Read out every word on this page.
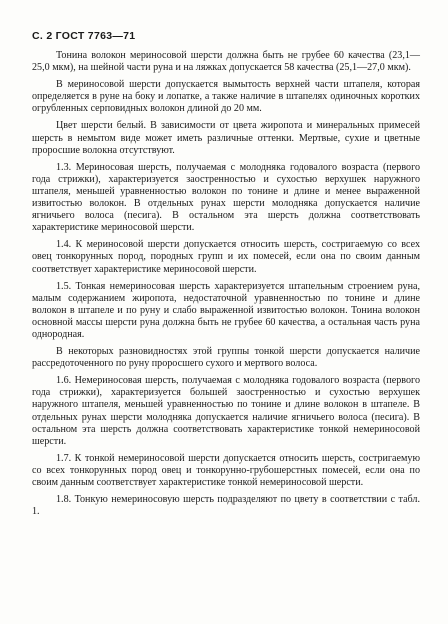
С. 2 ГОСТ 7763—71

Тонина волокон мериносовой шерсти должна быть не грубее 60 качества (23,1—25,0 мкм), на шейной части руна и на ляжках допускается 58 качества (25,1—27,0 мкм).

В мериносовой шерсти допускается вымытость верхней части штапеля, которая определяется в руне на боку и лопатке, а также наличие в штапелях одиночных коротких огрубленных серповидных волокон длиной до 20 мм.

Цвет шерсти белый. В зависимости от цвета жиропота и минеральных примесей шерсть в немытом виде может иметь различные оттенки. Мертвые, сухие и цветные проросшие волокна отсутствуют.

1.3. Мериносовая шерсть, получаемая с молодняка годовалого возраста (первого года стрижки), характеризуется заостренностью и сухостью верхушек наружного штапеля, меньшей уравненностью волокон по тонине и длине и менее выраженной извитостью волокон. В отдельных рунах шерсти молодняка допускается наличие ягничьего волоса (песига). В остальном эта шерсть должна соответствовать характеристике мериносовой шерсти.

1.4. К мериносовой шерсти допускается относить шерсть, состригаемую со всех овец тонкорунных пород, породных групп и их помесей, если она по своим данным соответствует характеристике мериносовой шерсти.

1.5. Тонкая немериносовая шерсть характеризуется штапельным строением руна, малым содержанием жиропота, недостаточной уравненностью по тонине и длине волокон в штапеле и по руну и слабо выраженной извитостью волокон. Тонина волокон основной массы шерсти руна должна быть не грубее 60 качества, а остальная часть руна однородная.

В некоторых разновидностях этой группы тонкой шерсти допускается наличие рассредоточенного по руну проросшего сухого и мертвого волоса.

1.6. Немериносовая шерсть, получаемая с молодняка годовалого возраста (первого года стрижки), характеризуется большей заостренностью и сухостью верхушек наружного штапеля, меньшей уравненностью по тонине и длине волокон в штапеле. В отдельных рунах шерсти молодняка допускается наличие ягничьего волоса (песига). В остальном эта шерсть должна соответствовать характеристике тонкой немериносовой шерсти.

1.7. К тонкой немериносовой шерсти допускается относить шерсть, состригаемую со всех тонкорунных пород овец и тонкорунно-грубошерстных помесей, если она по своим данным соответствует характеристике тонкой немериносовой шерсти.

1.8. Тонкую немериносовую шерсть подразделяют по цвету в соответствии с табл. 1.
